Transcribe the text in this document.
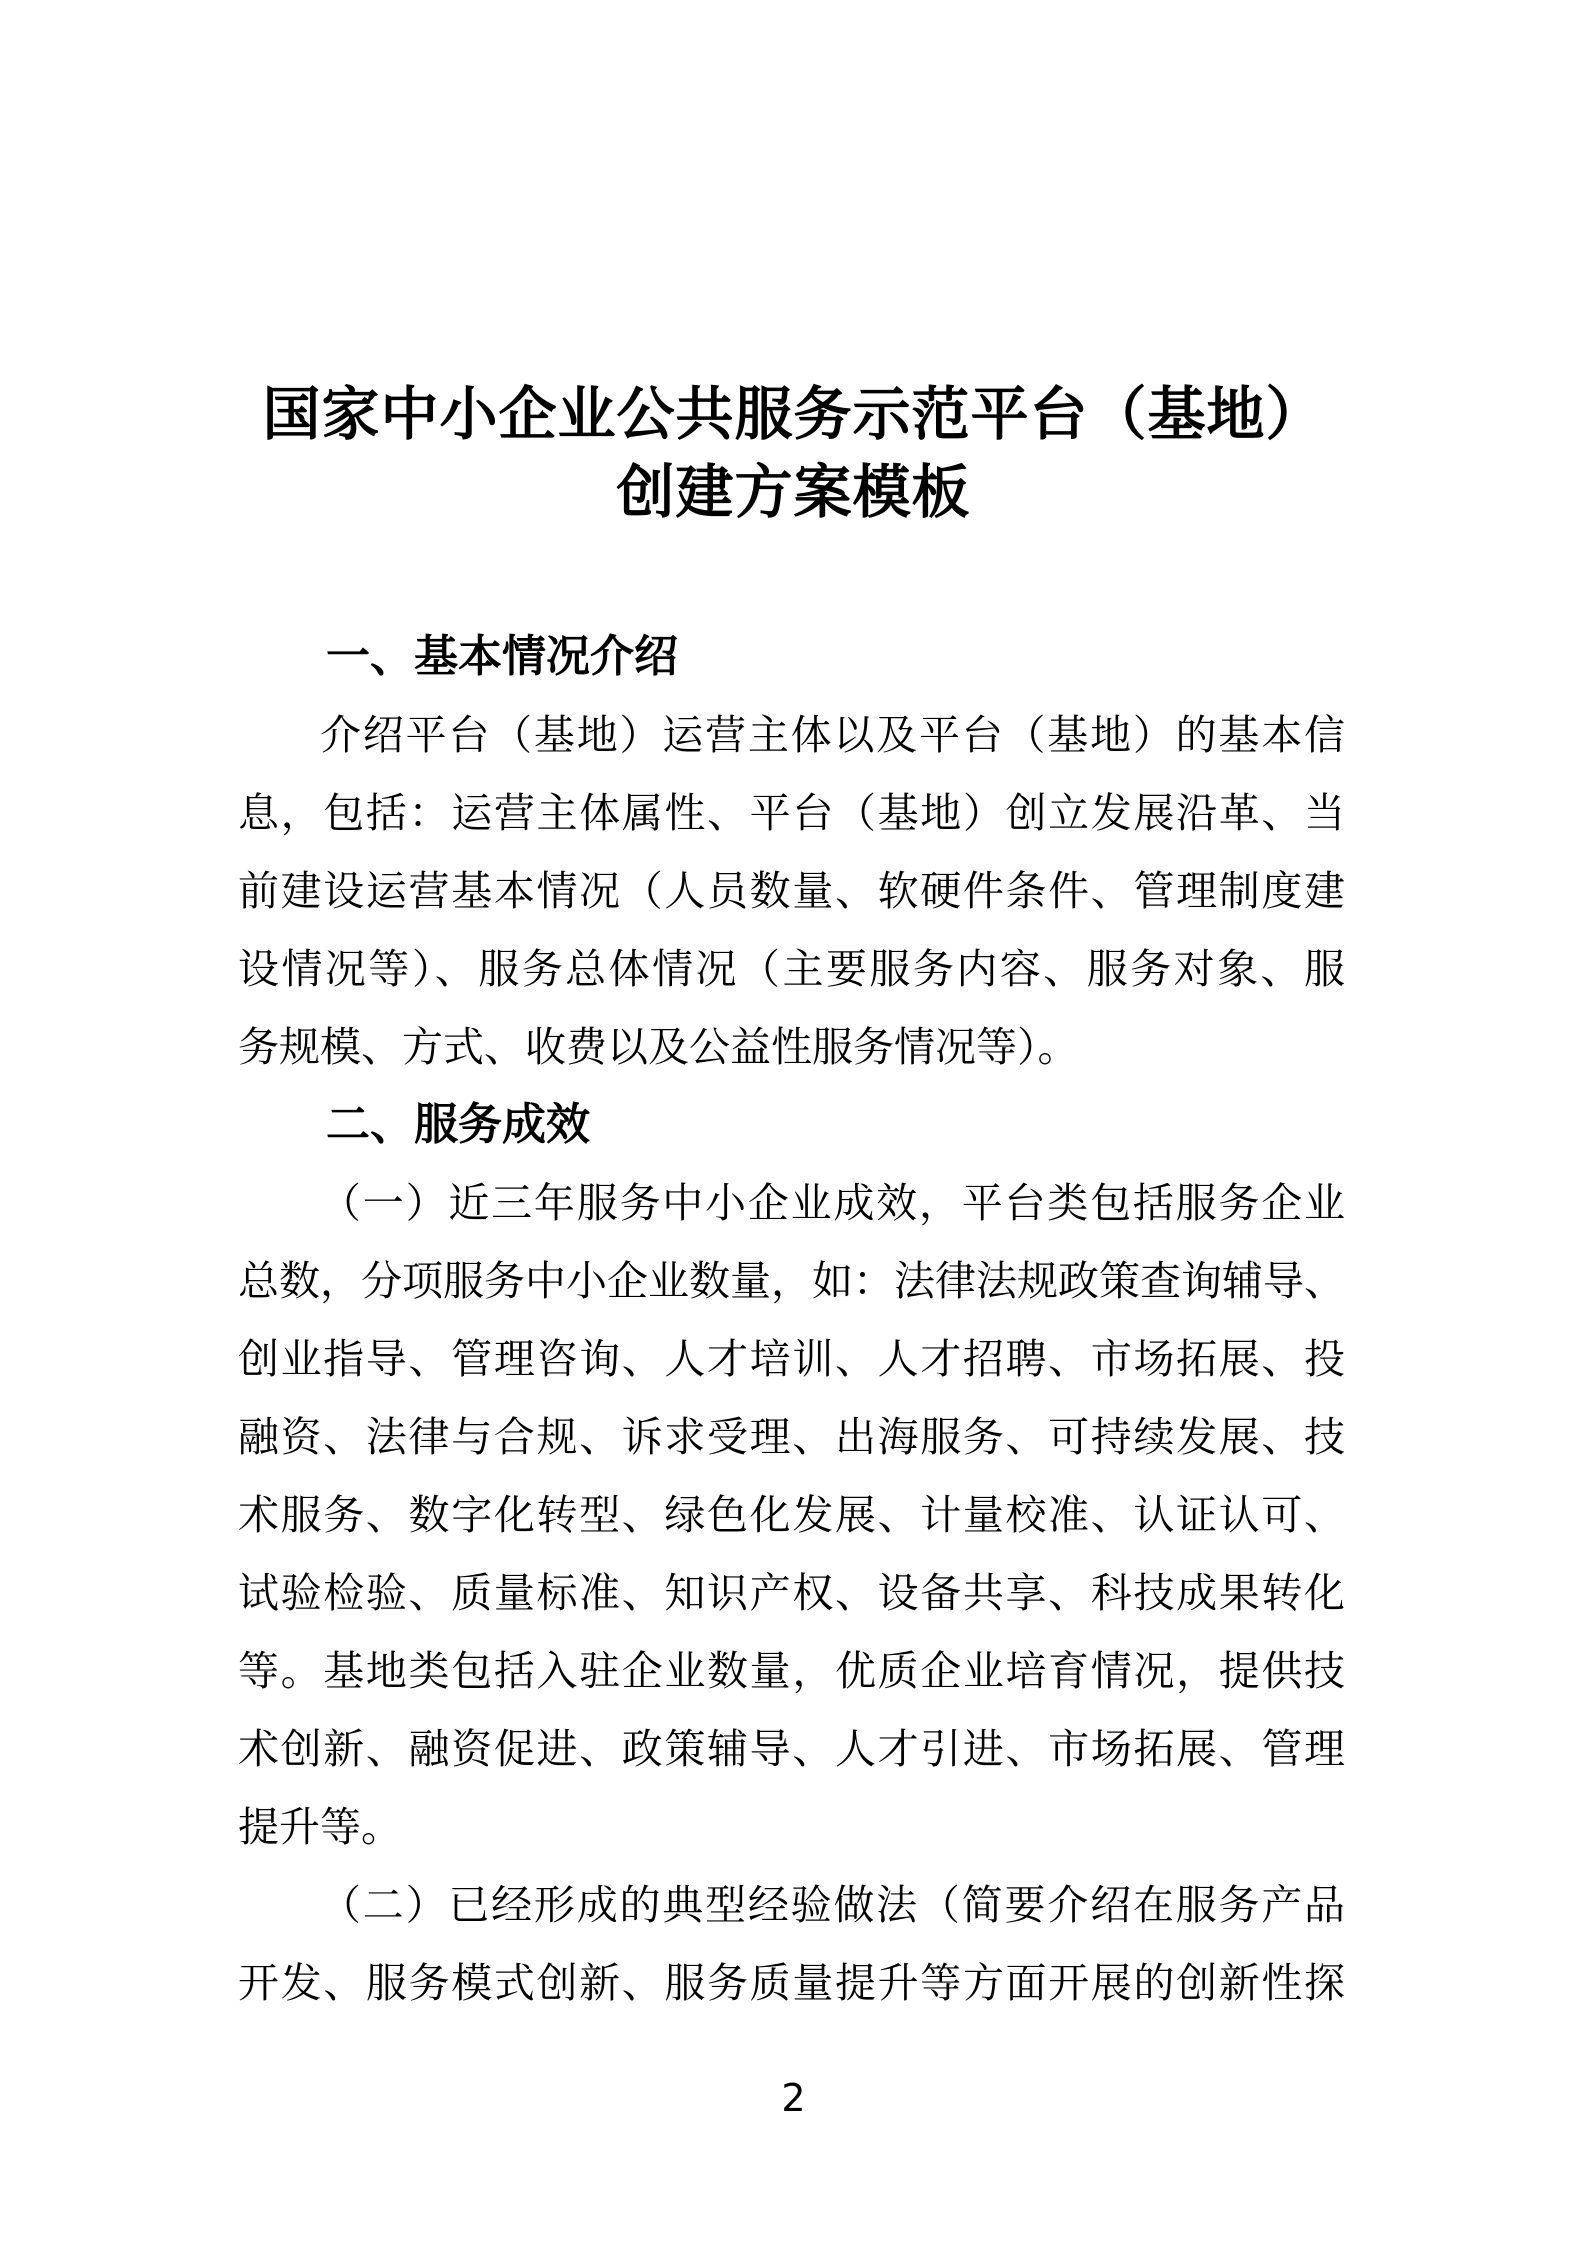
国家中小企业公共服务示范平台（基地）
创建方案模板
一、基本情况介绍
介绍平台（基地）运营主体以及平台（基地）的基本信
息，包括：运营主体属性、平台（基地）创立发展沿革、当
前建设运营基本情况（人员数量、软硬件条件、管理制度建
设情况等）、服务总体情况（主要服务内容、服务对象、服
务规模、方式、收费以及公益性服务情况等）。
二、服务成效
（一）近三年服务中小企业成效，平台类包括服务企业
总数，分项服务中小企业数量，如：法律法规政策查询辅导、
创业指导、管理咨询、人才培训、人才招聘、市场拓展、投
融资、法律与合规、诉求受理、出海服务、可持续发展、技
术服务、数字化转型、绿色化发展、计量校准、认证认可、
试验检验、质量标准、知识产权、设备共享、科技成果转化
等。基地类包括入驻企业数量，优质企业培育情况，提供技
术创新、融资促进、政策辅导、人才引进、市场拓展、管理
提升等。
（二）已经形成的典型经验做法（简要介绍在服务产品
开发、服务模式创新、服务质量提升等方面开展的创新性探
2
